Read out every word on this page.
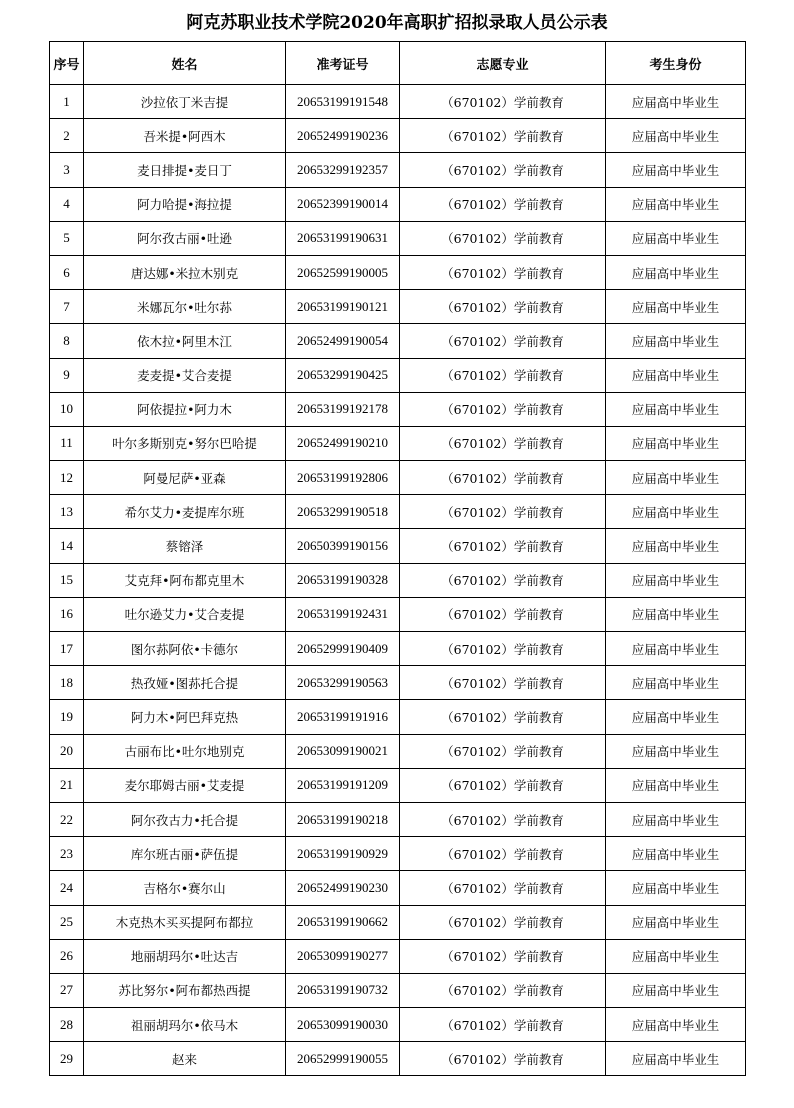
阿克苏职业技术学院2020年高职扩招拟录取人员公示表
序号	姓名	准考证号	志愿专业	考生身份
1	沙拉依丁米吉提	20653199191548	（670102）学前教育	应届高中毕业生
2	吾米提•阿西木	20652499190236	（670102）学前教育	应届高中毕业生
3	麦日排提•麦日丁	20653299192357	（670102）学前教育	应届高中毕业生
4	阿力哈提•海拉提	20652399190014	（670102）学前教育	应届高中毕业生
5	阿尔孜古丽•吐逊	20653199190631	（670102）学前教育	应届高中毕业生
6	唐达娜•米拉木别克	20652599190005	（670102）学前教育	应届高中毕业生
7	米娜瓦尔•吐尔荪	20653199190121	（670102）学前教育	应届高中毕业生
8	依木拉•阿里木江	20652499190054	（670102）学前教育	应届高中毕业生
9	麦麦提•艾合麦提	20653299190425	（670102）学前教育	应届高中毕业生
10	阿依提拉•阿力木	20653199192178	（670102）学前教育	应届高中毕业生
11	叶尔多斯别克•努尔巴哈提	20652499190210	（670102）学前教育	应届高中毕业生
12	阿曼尼萨•亚森	20653199192806	（670102）学前教育	应届高中毕业生
13	希尔艾力•麦提库尔班	20653299190518	（670102）学前教育	应届高中毕业生
14	蔡镕泽	20650399190156	（670102）学前教育	应届高中毕业生
15	艾克拜•阿布都克里木	20653199190328	（670102）学前教育	应届高中毕业生
16	吐尔逊艾力•艾合麦提	20653199192431	（670102）学前教育	应届高中毕业生
17	图尔荪阿依•卡德尔	20652999190409	（670102）学前教育	应届高中毕业生
18	热孜娅•图荪托合提	20653299190563	（670102）学前教育	应届高中毕业生
19	阿力木•阿巴拜克热	20653199191916	（670102）学前教育	应届高中毕业生
20	古丽布比•吐尔地别克	20653099190021	（670102）学前教育	应届高中毕业生
21	麦尔耶姆古丽•艾麦提	20653199191209	（670102）学前教育	应届高中毕业生
22	阿尔孜古力•托合提	20653199190218	（670102）学前教育	应届高中毕业生
23	库尔班古丽•萨伍提	20653199190929	（670102）学前教育	应届高中毕业生
24	吉格尔•赛尔山	20652499190230	（670102）学前教育	应届高中毕业生
25	木克热木买买提阿布都拉	20653199190662	（670102）学前教育	应届高中毕业生
26	地丽胡玛尔•吐达吉	20653099190277	（670102）学前教育	应届高中毕业生
27	苏比努尔•阿布都热西提	20653199190732	（670102）学前教育	应届高中毕业生
28	祖丽胡玛尔•依马木	20653099190030	（670102）学前教育	应届高中毕业生
29	赵来	20652999190055	（670102）学前教育	应届高中毕业生
